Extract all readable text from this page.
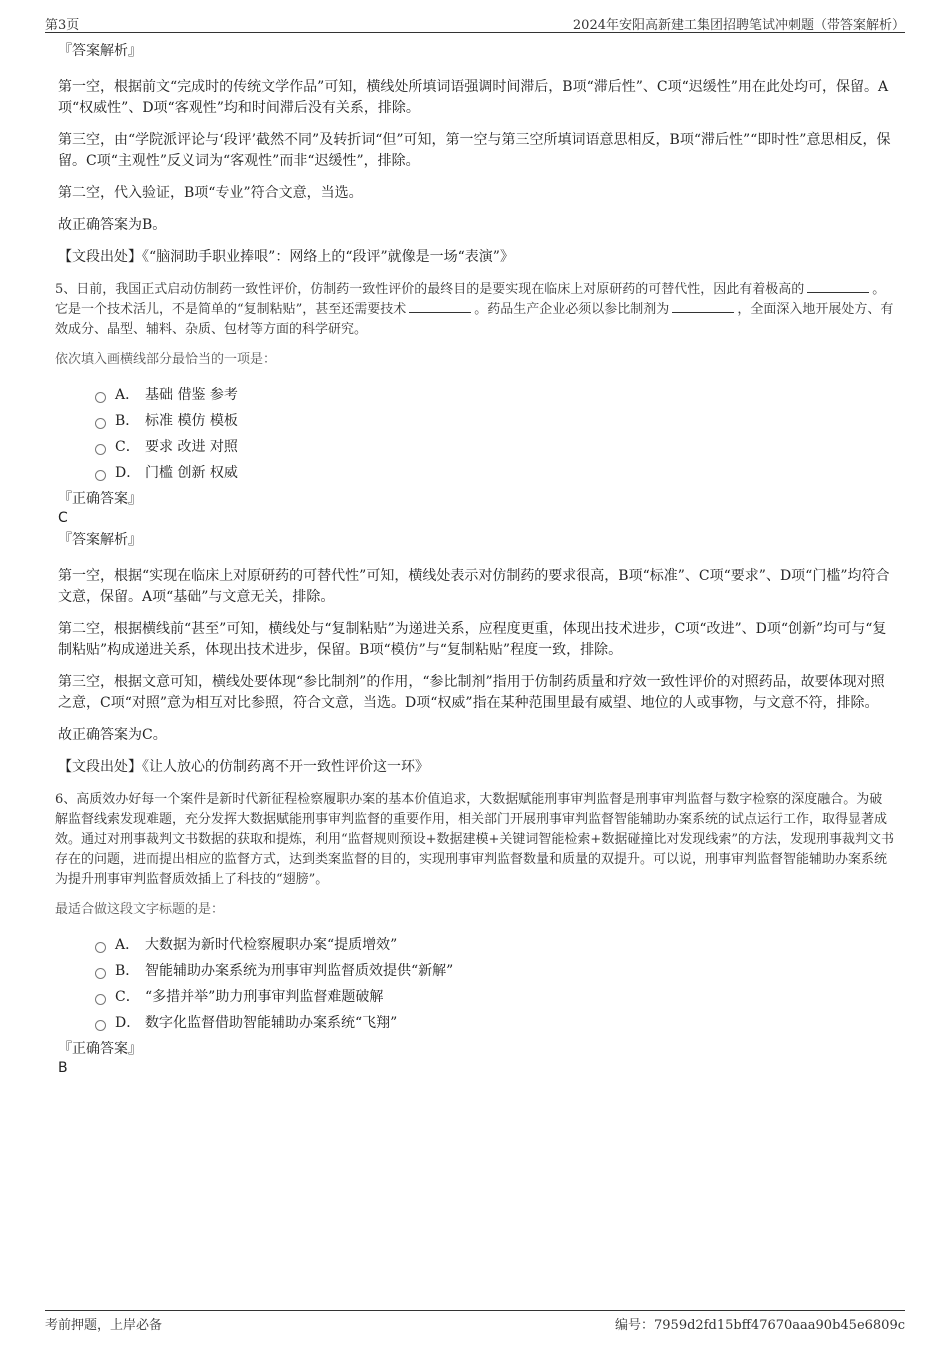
第3页	2024年安阳高新建工集团招聘笔试冲刺题（带答案解析）
『答案解析』

第一空，根据前文“完成时的传统文学作品”可知，横线处所填词语强调时间滞后，B项“滞后性”、C项“迟缓性”用在此处均可，保留。A项“权威性”、D项“客观性”均和时间滞后没有关系，排除。

第三空，由“学院派评论与‘段评’截然不同”及转折词“但”可知，第一空与第三空所填词语意思相反，B项“滞后性”“即时性”意思相反，保留。C项“主观性”反义词为“客观性”而非“迟缓性”，排除。

第二空，代入验证，B项“专业”符合文意，当选。

故正确答案为B。

【文段出处】《“脑洞助手职业捧哏”：网络上的“段评”就像是一场“表演”》

5、日前，我国正式启动仿制药一致性评价，仿制药一致性评价的最终目的是要实现在临床上对原研药的可替代性，因此有着极高的	。它是一个技术活儿，不是简单的“复制粘贴”，甚至还需要技术	。药品生产企业必须以参比制剂为	，全面深入地开展处方、有效成分、晶型、辅料、杂质、包材等方面的科学研究。
依次填入画横线部分最恰当的一项是：
A． 基础 借鉴 参考
B． 标准 模仿 模板
C． 要求 改进 对照
D． 门槛 创新 权威
『正确答案』
C
『答案解析』

第一空，根据“实现在临床上对原研药的可替代性”可知，横线处表示对仿制药的要求很高，B项“标准”、C项“要求”、D项“门槛”均符合文意，保留。A项“基础”与文意无关，排除。

第二空，根据横线前“甚至”可知，横线处与“复制粘贴”为递进关系，应程度更重，体现出技术进步，C项“改进”、D项“创新”均可与“复制粘贴”构成递进关系，体现出技术进步，保留。B项“模仿”与“复制粘贴”程度一致，排除。

第三空，根据文意可知，横线处要体现“参比制剂”的作用，“参比制剂”指用于仿制药质量和疗效一致性评价的对照药品，故要体现对照之意，C项“对照”意为相互对比参照，符合文意，当选。D项“权威”指在某种范围里最有威望、地位的人或事物，与文意不符，排除。

故正确答案为C。

【文段出处】《让人放心的仿制药离不开一致性评价这一环》

6、高质效办好每一个案件是新时代新征程检察履职办案的基本价值追求，大数据赋能刑事审判监督是刑事审判监督与数字检察的深度融合。为破解监督线索发现难题，充分发挥大数据赋能刑事审判监督的重要作用，相关部门开展刑事审判监督智能辅助办案系统的试点运行工作，取得显著成效。通过对刑事裁判文书数据的获取和提炼，利用“监督规则预设+数据建模+关键词智能检索+数据碰撞比对发现线索”的方法，发现刑事裁判文书存在的问题，进而提出相应的监督方式，达到类案监督的目的，实现刑事审判监督数量和质量的双提升。可以说，刑事审判监督智能辅助办案系统为提升刑事审判监督质效插上了科技的“翅膀”。
最适合做这段文字标题的是：
A． 大数据为新时代检察履职办案“提质增效”
B． 智能辅助办案系统为刑事审判监督质效提供“新解”
C． “多措并举”助力刑事审判监督难题破解
D． 数字化监督借助智能辅助办案系统“飞翔”
『正确答案』
B
考前押题，上岸必备	编号：7959d2fd15bff47670aaa90b45e6809c
